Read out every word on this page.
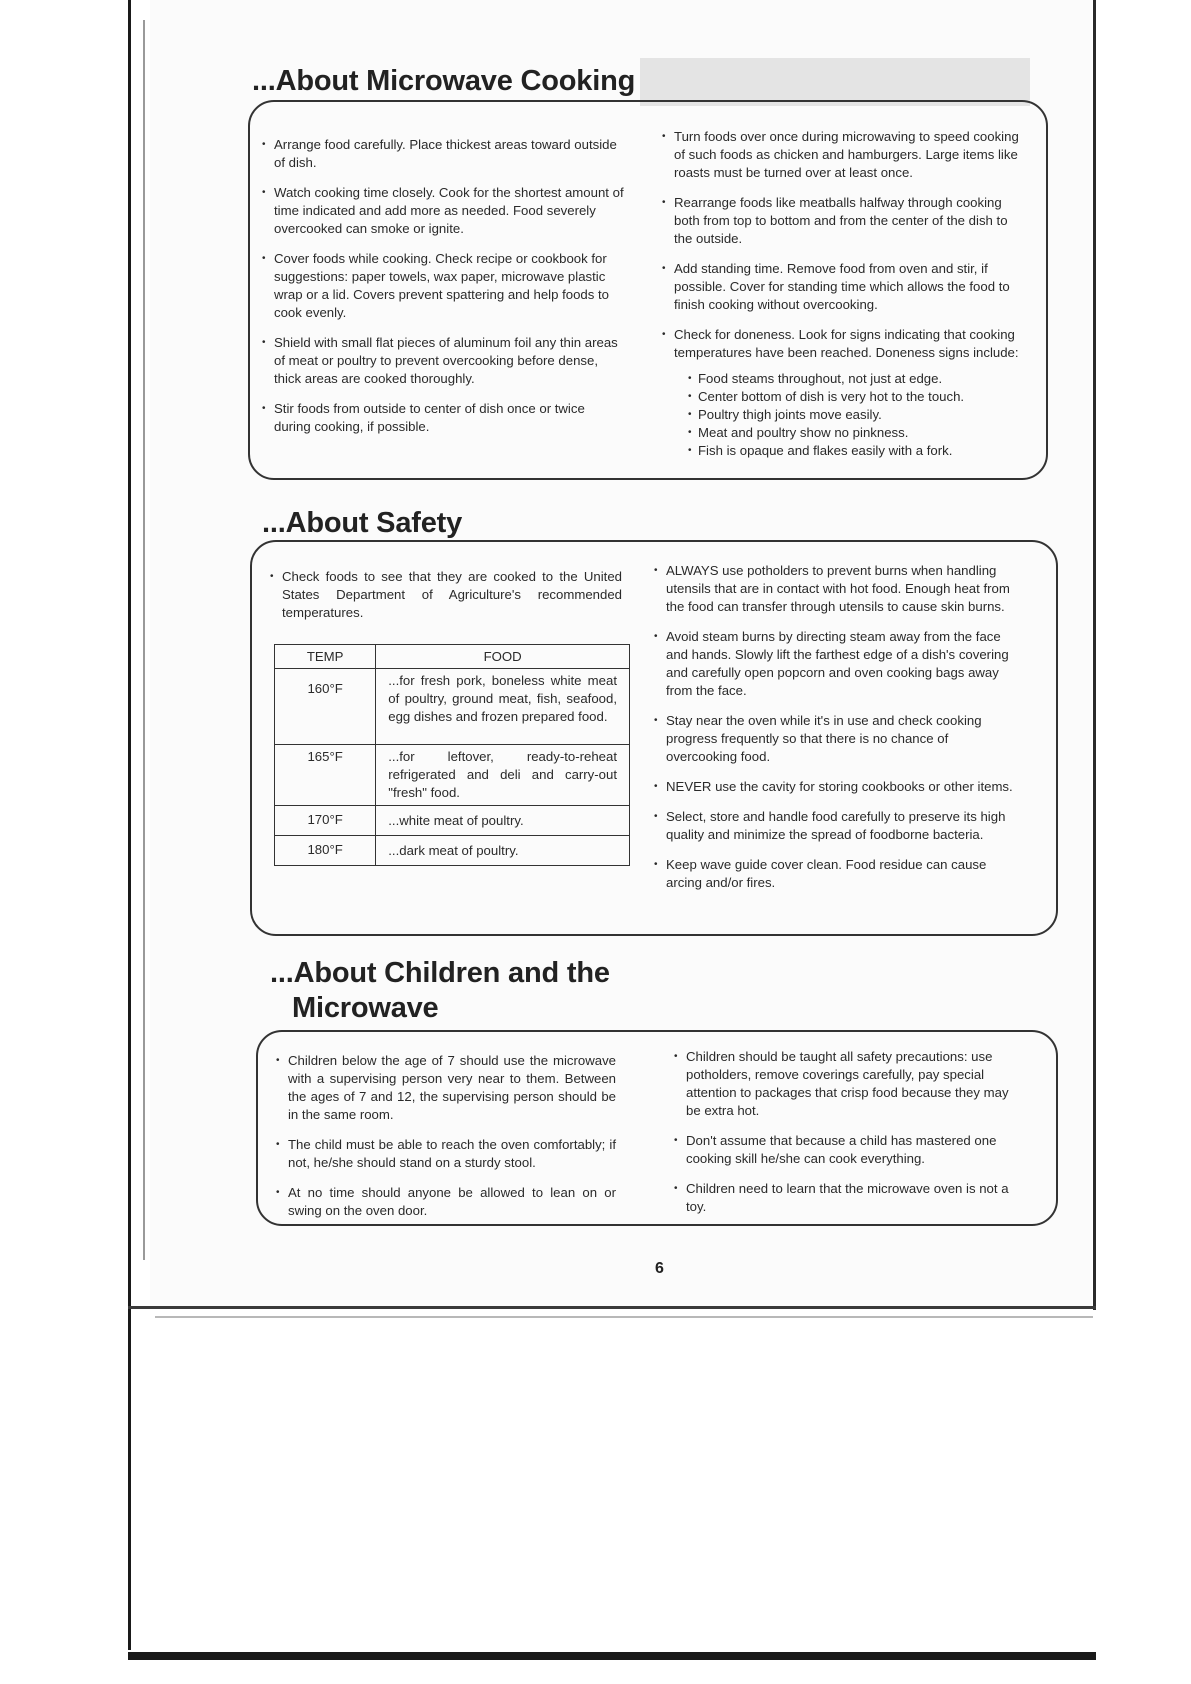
...About Microwave Cooking

• Arrange food carefully. Place thickest areas toward outside of dish.

• Watch cooking time closely. Cook for the shortest amount of time indicated and add more as needed. Food severely overcooked can smoke or ignite.

• Cover foods while cooking. Check recipe or cookbook for suggestions: paper towels, wax paper, microwave plastic wrap or a lid. Covers prevent spattering and help foods to cook evenly.

• Shield with small flat pieces of aluminum foil any thin areas of meat or poultry to prevent overcooking before dense, thick areas are cooked thoroughly.

• Stir foods from outside to center of dish once or twice during cooking, if possible.

• Turn foods over once during microwaving to speed cooking of such foods as chicken and hamburgers. Large items like roasts must be turned over at least once.

• Rearrange foods like meatballs halfway through cooking both from top to bottom and from the center of the dish to the outside.

• Add standing time. Remove food from oven and stir, if possible. Cover for standing time which allows the food to finish cooking without overcooking.

• Check for doneness. Look for signs indicating that cooking temperatures have been reached. Doneness signs include:

• Food steams throughout, not just at edge.
• Center bottom of dish is very hot to the touch.
• Poultry thigh joints move easily.
• Meat and poultry show no pinkness.
• Fish is opaque and flakes easily with a fork.
...About Safety

• Check foods to see that they are cooked to the United States Department of Agriculture's recommended temperatures.

TEMP	FOOD
160°F	...for fresh pork, boneless white meat of poultry, ground meat, fish, seafood, egg dishes and frozen prepared food.
165°F	...for leftover, ready-to-reheat refrigerated and deli and carry-out "fresh" food.
170°F	...white meat of poultry.
180°F	...dark meat of poultry.

• ALWAYS use potholders to prevent burns when handling utensils that are in contact with hot food. Enough heat from the food can transfer through utensils to cause skin burns.

• Avoid steam burns by directing steam away from the face and hands. Slowly lift the farthest edge of a dish's covering and carefully open popcorn and oven cooking bags away from the face.

• Stay near the oven while it's in use and check cooking progress frequently so that there is no chance of overcooking food.

• NEVER use the cavity for storing cookbooks or other items.

• Select, store and handle food carefully to preserve its high quality and minimize the spread of foodborne bacteria.

• Keep wave guide cover clean. Food residue can cause arcing and/or fires.

...About Children and the
Microwave

• Children below the age of 7 should use the microwave with a supervising person very near to them. Between the ages of 7 and 12, the supervising person should be in the same room.

• The child must be able to reach the oven comfortably; if not, he/she should stand on a sturdy stool.

• At no time should anyone be allowed to lean on or swing on the oven door.

• Children should be taught all safety precautions: use potholders, remove coverings carefully, pay special attention to packages that crisp food because they may be extra hot.

• Don't assume that because a child has mastered one cooking skill he/she can cook everything.

• Children need to learn that the microwave oven is not a toy.

6
